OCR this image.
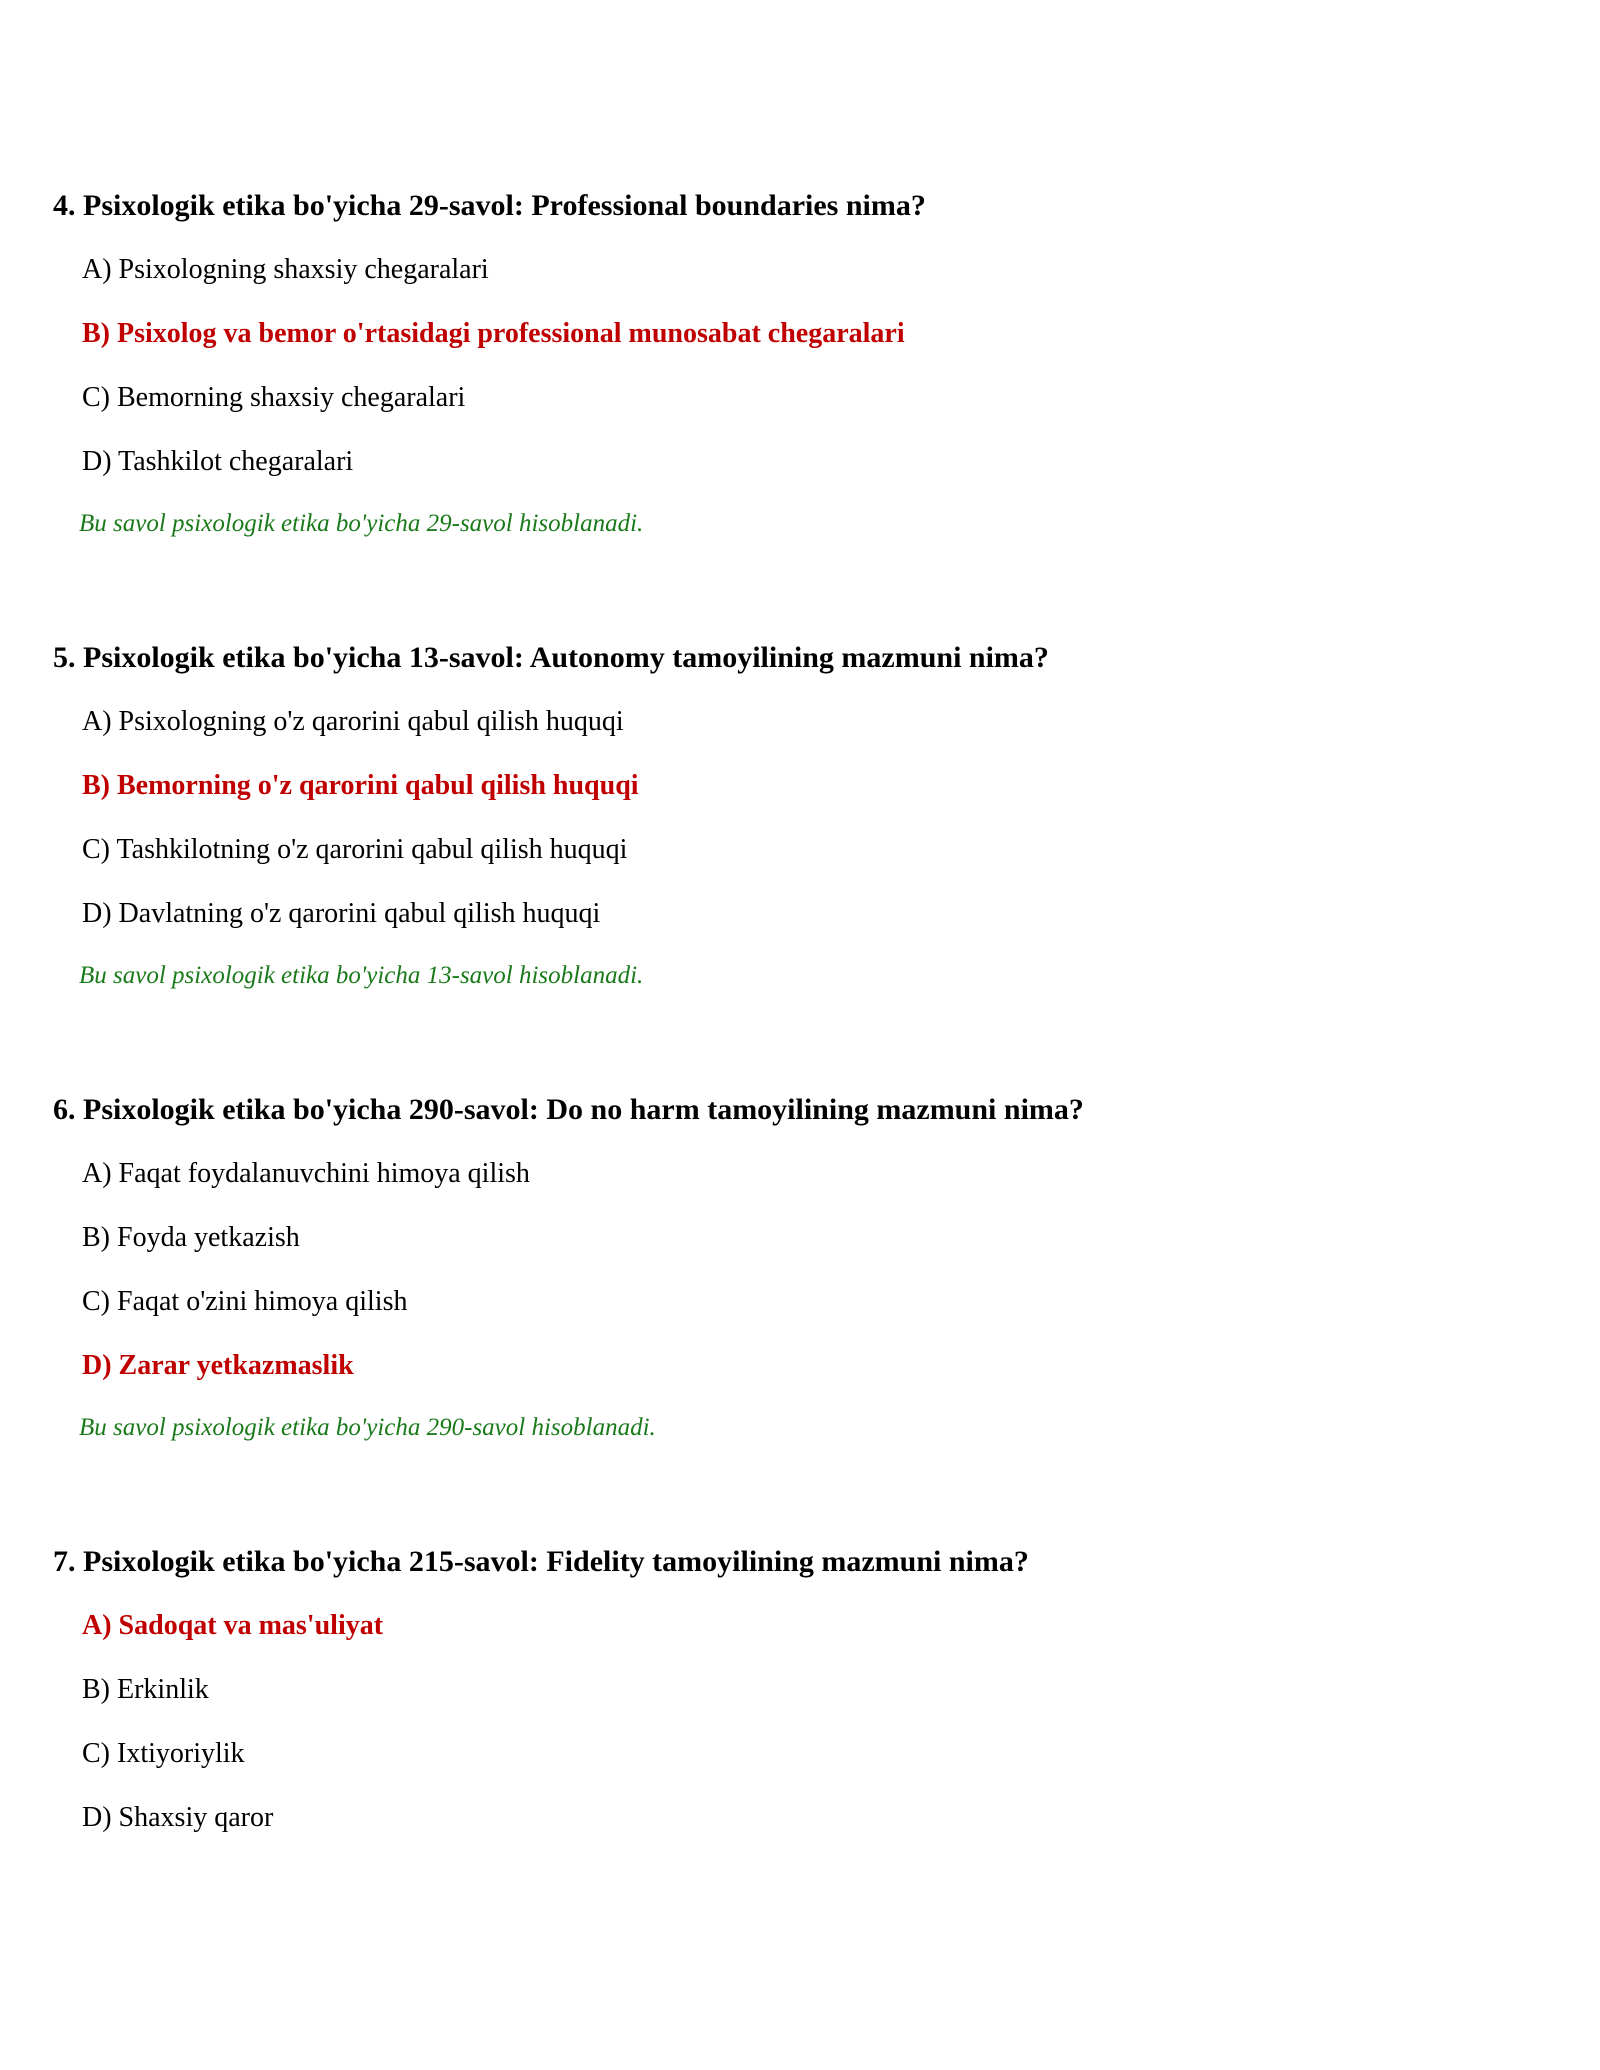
4. Psixologik etika bo'yicha 29-savol: Professional boundaries nima?

A) Psixologning shaxsiy chegaralari

B) Psixolog va bemor o'rtasidagi professional munosabat chegaralari

C) Bemorning shaxsiy chegaralari

D) Tashkilot chegaralari

Bu savol psixologik etika bo'yicha 29-savol hisoblanadi.

5. Psixologik etika bo'yicha 13-savol: Autonomy tamoyilining mazmuni nima?

A) Psixologning o'z qarorini qabul qilish huquqi

B) Bemorning o'z qarorini qabul qilish huquqi

C) Tashkilotning o'z qarorini qabul qilish huquqi

D) Davlatning o'z qarorini qabul qilish huquqi

Bu savol psixologik etika bo'yicha 13-savol hisoblanadi.

6. Psixologik etika bo'yicha 290-savol: Do no harm tamoyilining mazmuni nima?

A) Faqat foydalanuvchini himoya qilish

B) Foyda yetkazish

C) Faqat o'zini himoya qilish

D) Zarar yetkazmaslik

Bu savol psixologik etika bo'yicha 290-savol hisoblanadi.

7. Psixologik etika bo'yicha 215-savol: Fidelity tamoyilining mazmuni nima?

A) Sadoqat va mas'uliyat

B) Erkinlik

C) Ixtiyoriylik

D) Shaxsiy qaror
